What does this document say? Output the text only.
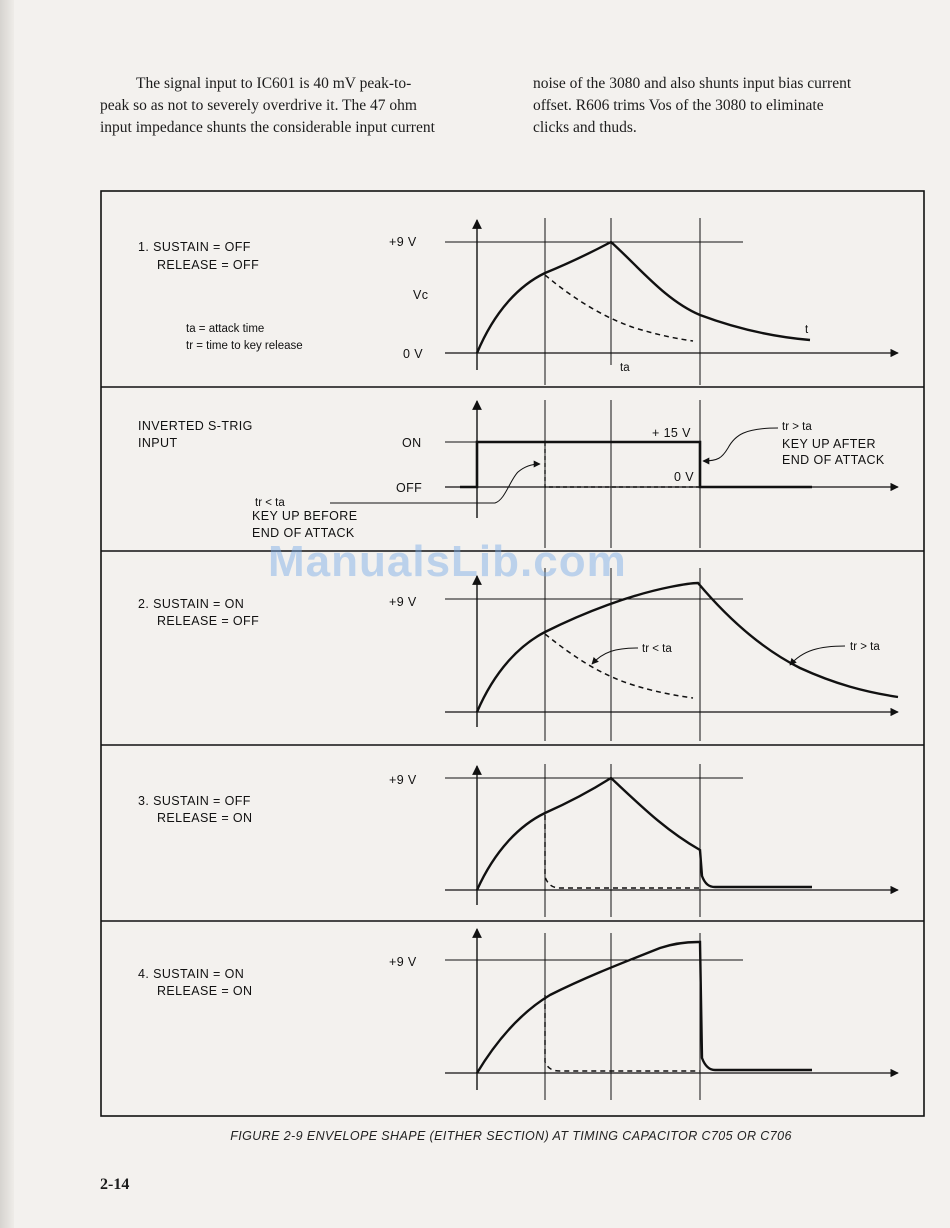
The signal input to IC601 is 40 mV peak-to-

peak so as not to severely overdrive it. The 47 ohm

input impedance shunts the considerable input current

noise of the 3080 and also shunts input bias current

offset. R606 trims Vos of the 3080 to eliminate

clicks and thuds.

1. SUSTAIN = OFF
RELEASE = OFF
ta = attack time
tr = time to key release
+9 V
Vc
0 V
t
ta
INVERTED S-TRIG
INPUT	ON
OFF
+ 15 V
0 V
tr > ta
KEY UP AFTER
END OF ATTACK
tr < ta
KEY UP BEFORE
END OF ATTACK
2. SUSTAIN = ON
RELEASE = OFF
+9 V
tr < ta	tr > ta
3. SUSTAIN = OFF
RELEASE = ON
+9 V
4. SUSTAIN = ON
RELEASE = ON
+9 V
ManualsLib.com
FIGURE 2-9 ENVELOPE SHAPE (EITHER SECTION) AT TIMING CAPACITOR C705 OR C706
2-14
